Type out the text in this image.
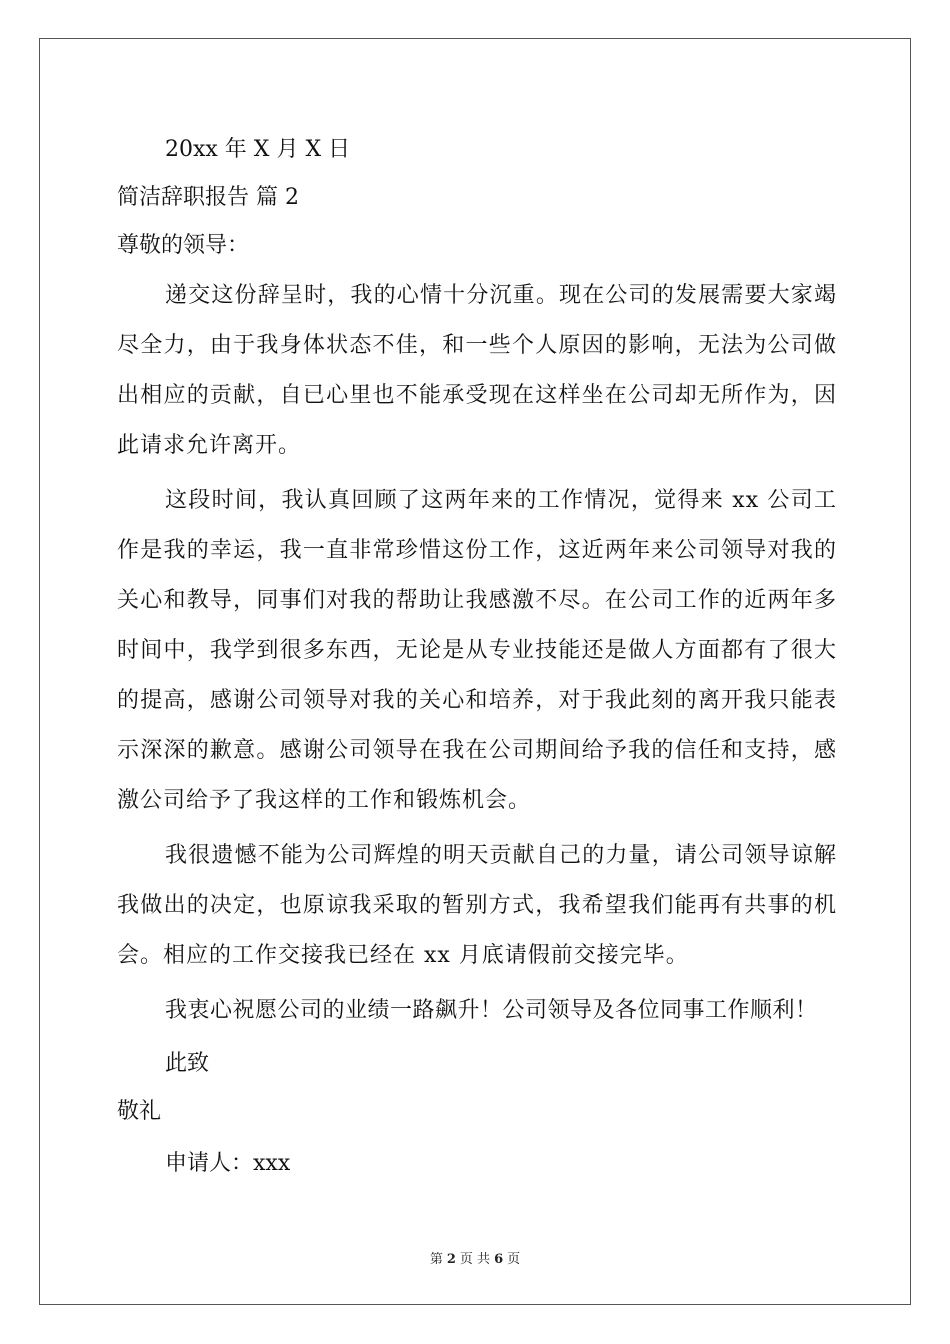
20xx 年 X 月 X 日
简洁辞职报告 篇 2
尊敬的领导：
递交这份辞呈时，我的心情十分沉重。现在公司的发展需要大家竭尽全力，由于我身体状态不佳，和一些个人原因的影响，无法为公司做出相应的贡献，自已心里也不能承受现在这样坐在公司却无所作为，因此请求允许离开。
这段时间，我认真回顾了这两年来的工作情况，觉得来 xx 公司工作是我的幸运，我一直非常珍惜这份工作，这近两年来公司领导对我的关心和教导，同事们对我的帮助让我感激不尽。在公司工作的近两年多时间中，我学到很多东西，无论是从专业技能还是做人方面都有了很大的提高，感谢公司领导对我的关心和培养，对于我此刻的离开我只能表示深深的歉意。感谢公司领导在我在公司期间给予我的信任和支持，感激公司给予了我这样的工作和锻炼机会。
我很遗憾不能为公司辉煌的明天贡献自己的力量，请公司领导谅解我做出的决定，也原谅我采取的暂别方式，我希望我们能再有共事的机会。相应的工作交接我已经在 xx 月底请假前交接完毕。
我衷心祝愿公司的业绩一路飙升！公司领导及各位同事工作顺利！
此致
敬礼
申请人：xxx
第 2 页 共 6 页
